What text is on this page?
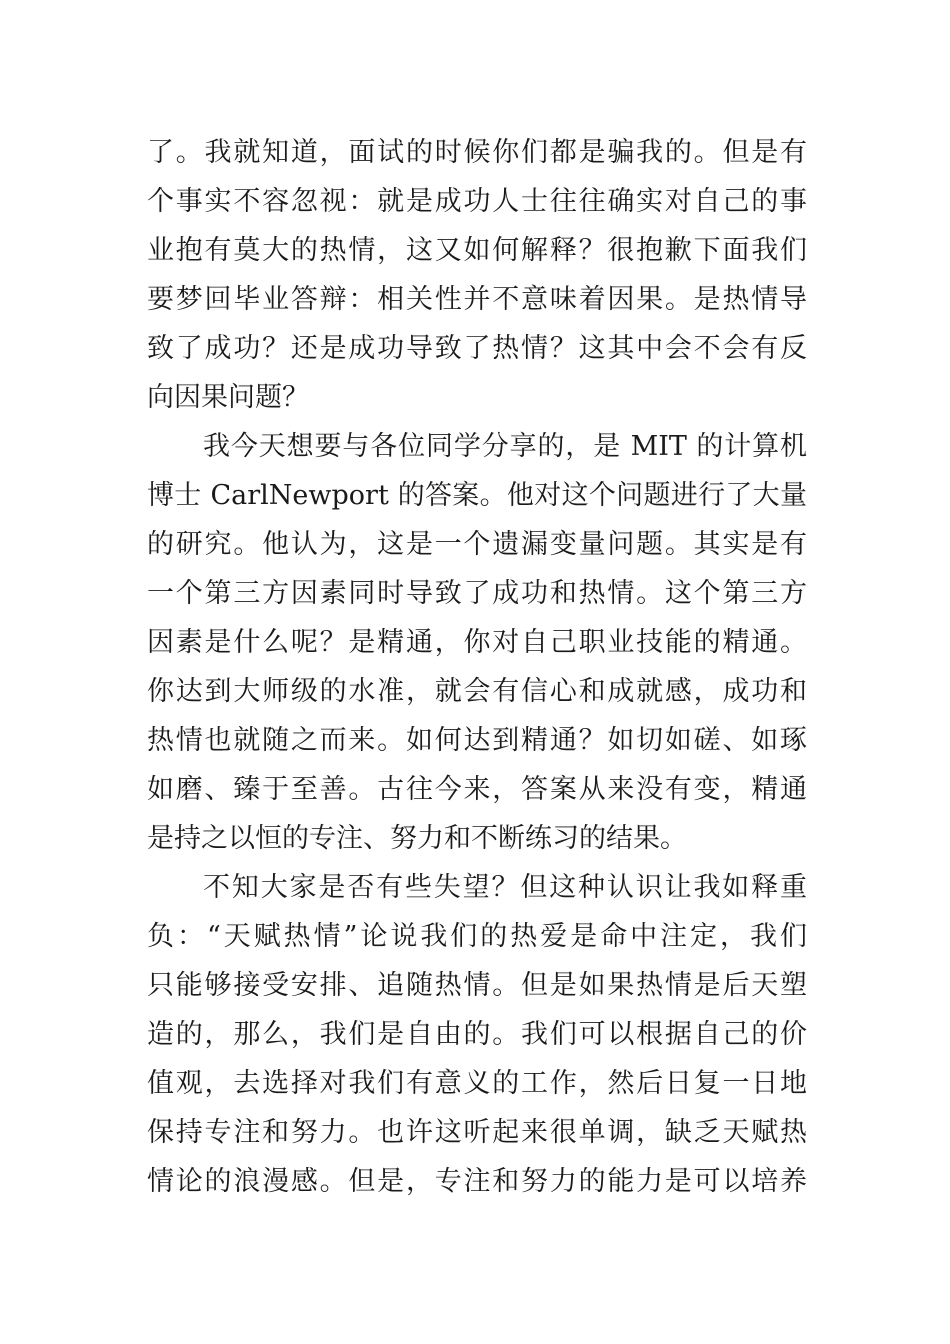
了。我就知道，面试的时候你们都是骗我的。但是有
个事实不容忽视：就是成功人士往往确实对自己的事
业抱有莫大的热情，这又如何解释？很抱歉下面我们
要梦回毕业答辩：相关性并不意味着因果。是热情导
致了成功？还是成功导致了热情？这其中会不会有反
向因果问题？
我今天想要与各位同学分享的，是 MIT 的计算机
博士 CarlNewport 的答案。他对这个问题进行了大量
的研究。他认为，这是一个遗漏变量问题。其实是有
一个第三方因素同时导致了成功和热情。这个第三方
因素是什么呢？是精通，你对自己职业技能的精通。
你达到大师级的水准，就会有信心和成就感，成功和
热情也就随之而来。如何达到精通？如切如磋、如琢
如磨、臻于至善。古往今来，答案从来没有变，精通
是持之以恒的专注、努力和不断练习的结果。
不知大家是否有些失望？但这种认识让我如释重
负：“天赋热情”论说我们的热爱是命中注定，我们
只能够接受安排、追随热情。但是如果热情是后天塑
造的，那么，我们是自由的。我们可以根据自己的价
值观，去选择对我们有意义的工作，然后日复一日地
保持专注和努力。也许这听起来很单调，缺乏天赋热
情论的浪漫感。但是，专注和努力的能力是可以培养
